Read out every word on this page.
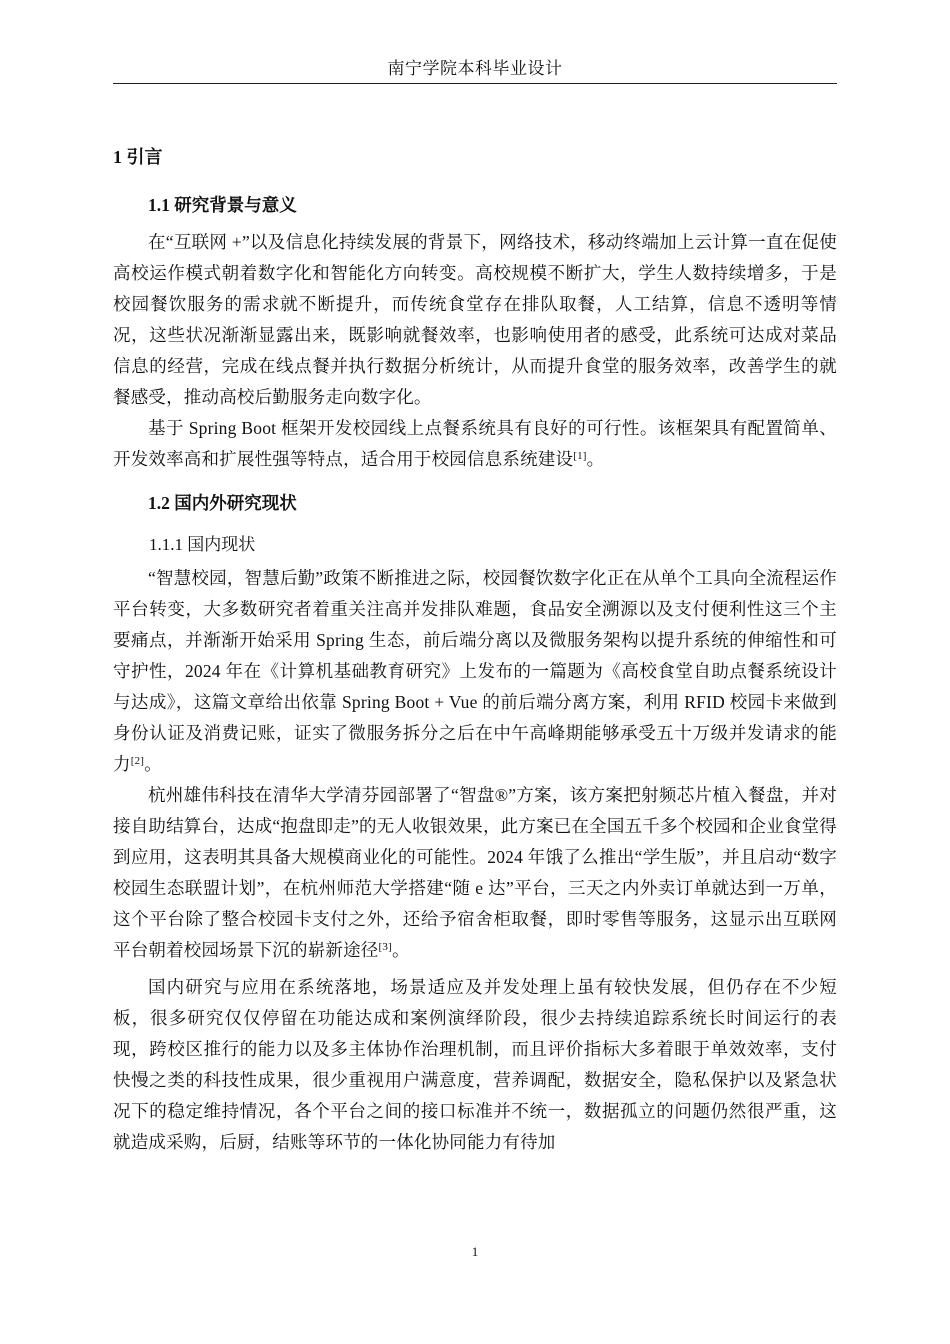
南宁学院本科毕业设计
1 引言
1.1 研究背景与意义

在“互联网 +”以及信息化持续发展的背景下，网络技术，移动终端加上云计算一直在促使高校运作模式朝着数字化和智能化方向转变。高校规模不断扩大，学生人数持续增多，于是校园餐饮服务的需求就不断提升，而传统食堂存在排队取餐，人工结算，信息不透明等情况，这些状况渐渐显露出来，既影响就餐效率，也影响使用者的感受，此系统可达成对菜品信息的经营，完成在线点餐并执行数据分析统计，从而提升食堂的服务效率，改善学生的就餐感受，推动高校后勤服务走向数字化。

基于 Spring Boot 框架开发校园线上点餐系统具有良好的可行性。该框架具有配置简单、开发效率高和扩展性强等特点，适合用于校园信息系统建设[1]。

1.2 国内外研究现状
1.1.1 国内现状

“智慧校园，智慧后勤”政策不断推进之际，校园餐饮数字化正在从单个工具向全流程运作平台转变，大多数研究者着重关注高并发排队难题，食品安全溯源以及支付便利性这三个主要痛点，并渐渐开始采用 Spring 生态，前后端分离以及微服务架构以提升系统的伸缩性和可守护性，2024 年在《计算机基础教育研究》上发布的一篇题为《高校食堂自助点餐系统设计与达成》，这篇文章给出依靠 Spring Boot + Vue 的前后端分离方案，利用 RFID 校园卡来做到身份认证及消费记账，证实了微服务拆分之后在中午高峰期能够承受五十万级并发请求的能力[2]。

杭州雄伟科技在清华大学清芬园部署了“智盘®”方案，该方案把射频芯片植入餐盘，并对接自助结算台，达成“抱盘即走”的无人收银效果，此方案已在全国五千多个校园和企业食堂得到应用，这表明其具备大规模商业化的可能性。2024 年饿了么推出“学生版”，并且启动“数字校园生态联盟计划”，在杭州师范大学搭建“随 e 达”平台，三天之内外卖订单就达到一万单，这个平台除了整合校园卡支付之外，还给予宿舍柜取餐，即时零售等服务，这显示出互联网平台朝着校园场景下沉的崭新途径[3]。

国内研究与应用在系统落地，场景适应及并发处理上虽有较快发展，但仍存在不少短板，很多研究仅仅停留在功能达成和案例演绎阶段，很少去持续追踪系统长时间运行的表现，跨校区推行的能力以及多主体协作治理机制，而且评价指标大多着眼于单效效率，支付快慢之类的科技性成果，很少重视用户满意度，营养调配，数据安全，隐私保护以及紧急状况下的稳定维持情况，各个平台之间的接口标准并不统一，数据孤立的问题仍然很严重，这就造成采购，后厨，结账等环节的一体化协同能力有待加

1
